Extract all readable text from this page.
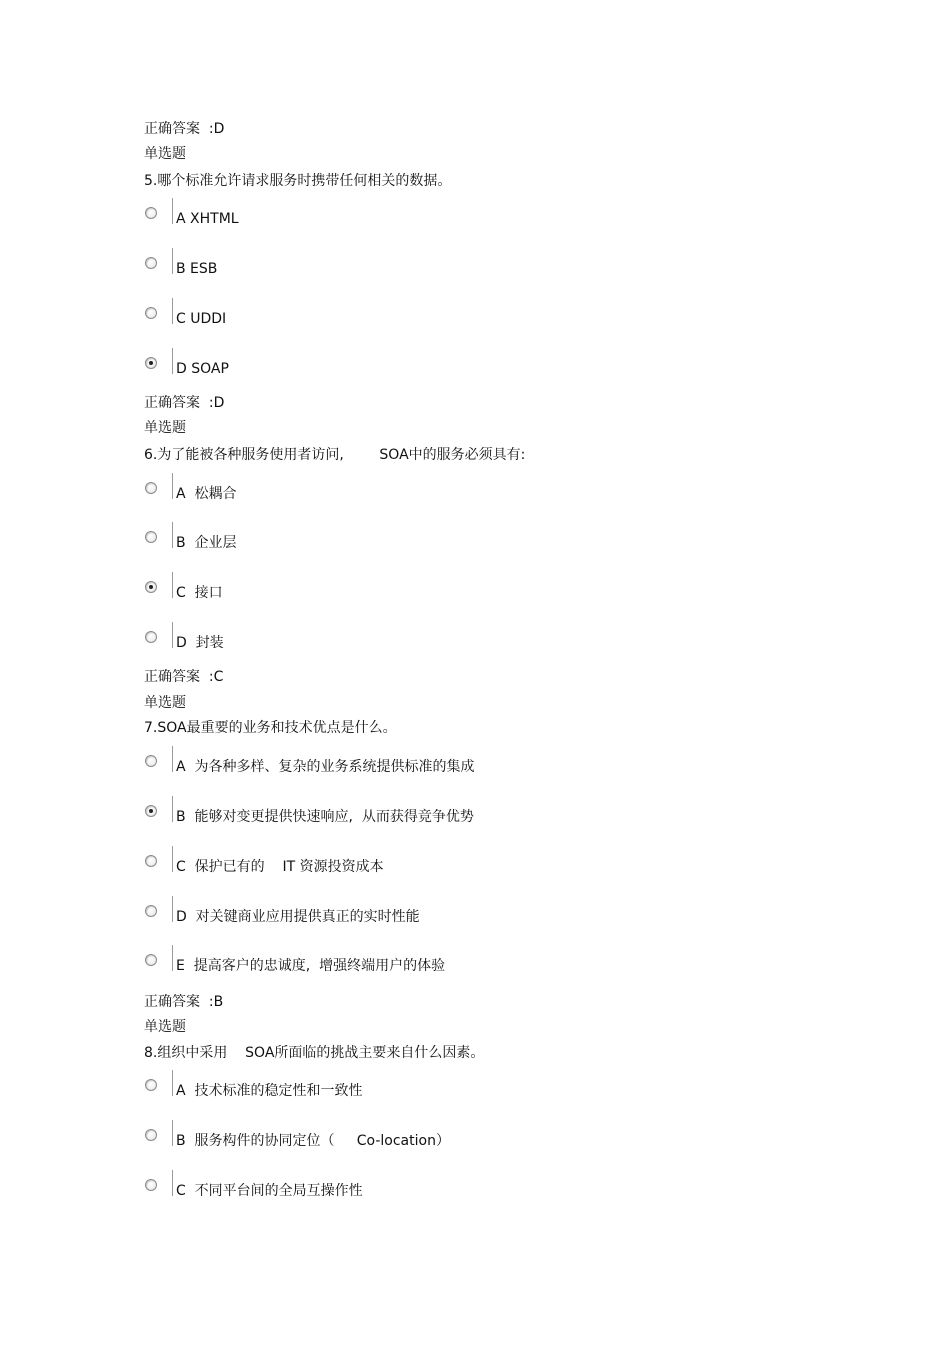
正确答案  :D
单选题
5.哪个标准允许请求服务时携带任何相关的数据。
A XHTML
B ESB
C UDDI
D SOAP
正确答案  :D
单选题
6.为了能被各种服务使用者访问,        SOA中的服务必须具有:
A  松耦合
B  企业层
C  接口
D  封装
正确答案  :C
单选题
7.SOA最重要的业务和技术优点是什么。
A  为各种多样、复杂的业务系统提供标准的集成
B  能够对变更提供快速响应,  从而获得竞争优势
C  保护已有的    IT 资源投资成本
D  对关键商业应用提供真正的实时性能
E  提高客户的忠诚度,  增强终端用户的体验
正确答案  :B
单选题
8.组织中采用    SOA所面临的挑战主要来自什么因素。
A  技术标准的稳定性和一致性
B  服务构件的协同定位（     Co-location）
C  不同平台间的全局互操作性
